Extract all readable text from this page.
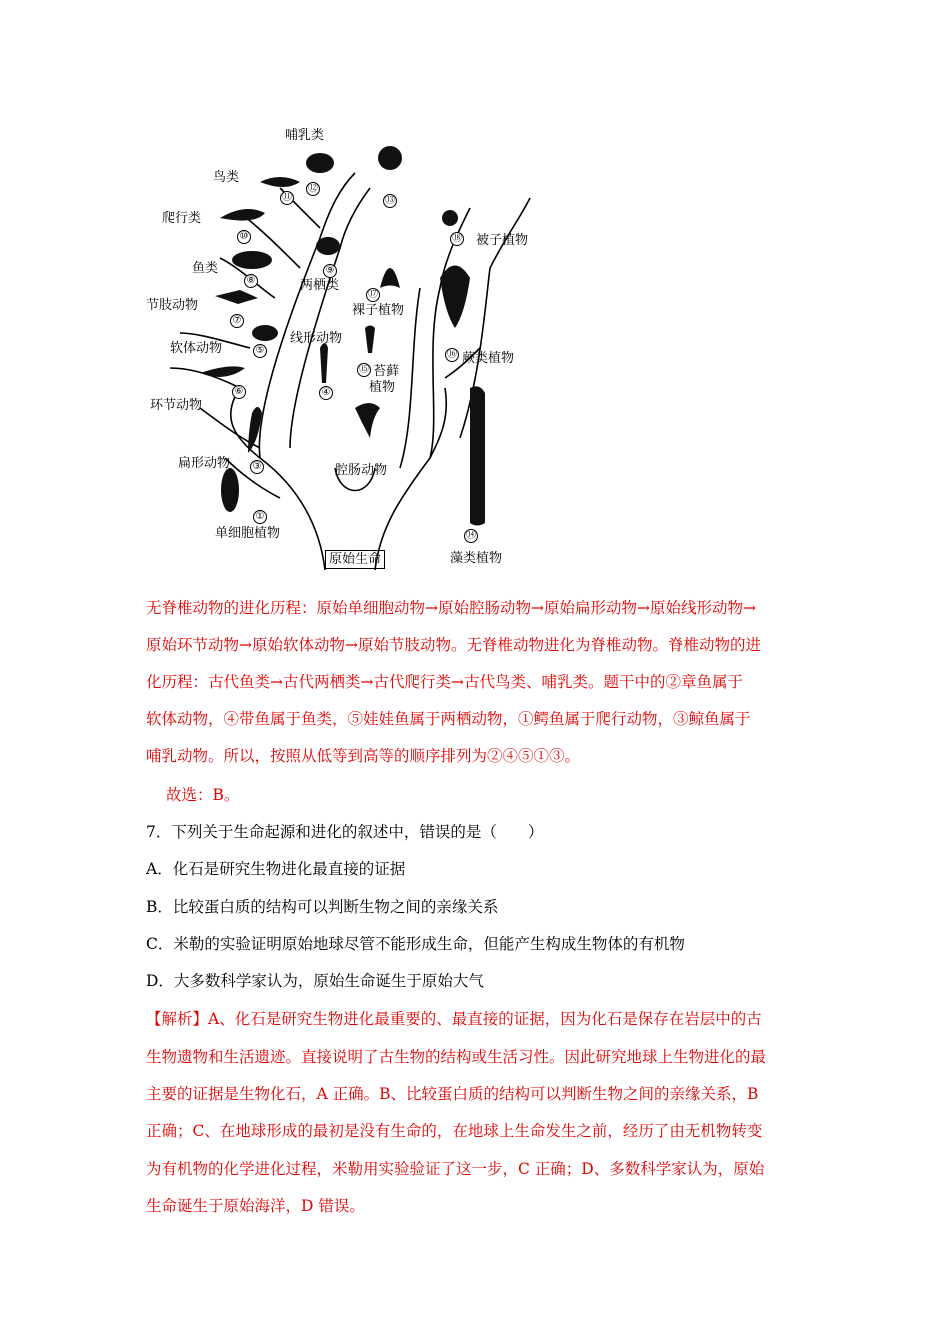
哺乳类
鸟类
爬行类
鱼类
节肢动物
软体动物
环节动物
扁形动物
单细胞植物
两栖类
线形动物
腔肠动物
原始生命
被子植物
裸子植物
蕨类植物
苔藓
植物
藻类植物
①
③
④
⑤
⑥
⑦
⑧
⑨
⑩
⑪
⑫
⑬
⑭
⑮
⑯
⑰
⑱
无脊椎动物的进化历程：原始单细胞动物→原始腔肠动物→原始扁形动物→原始线形动物→
原始环节动物→原始软体动物→原始节肢动物。无脊椎动物进化为脊椎动物。脊椎动物的进
化历程：古代鱼类→古代两栖类→古代爬行类→古代鸟类、哺乳类。题干中的②章鱼属于
软体动物，④带鱼属于鱼类，⑤娃娃鱼属于两栖动物，①鳄鱼属于爬行动物，③鲸鱼属于
哺乳动物。所以，按照从低等到高等的顺序排列为②④⑤①③。
故选：B。
7．下列关于生命起源和进化的叙述中，错误的是（　　）
A．化石是研究生物进化最直接的证据
B．比较蛋白质的结构可以判断生物之间的亲缘关系
C．米勒的实验证明原始地球尽管不能形成生命，但能产生构成生物体的有机物
D．大多数科学家认为，原始生命诞生于原始大气
【解析】A、化石是研究生物进化最重要的、最直接的证据，因为化石是保存在岩层中的古
生物遗物和生活遗迹。直接说明了古生物的结构或生活习性。因此研究地球上生物进化的最
主要的证据是生物化石，A 正确。B、比较蛋白质的结构可以判断生物之间的亲缘关系，B
正确；C、在地球形成的最初是没有生命的，在地球上生命发生之前，经历了由无机物转变
为有机物的化学进化过程，米勒用实验验证了这一步，C 正确；D、多数科学家认为，原始
生命诞生于原始海洋，D 错误。
